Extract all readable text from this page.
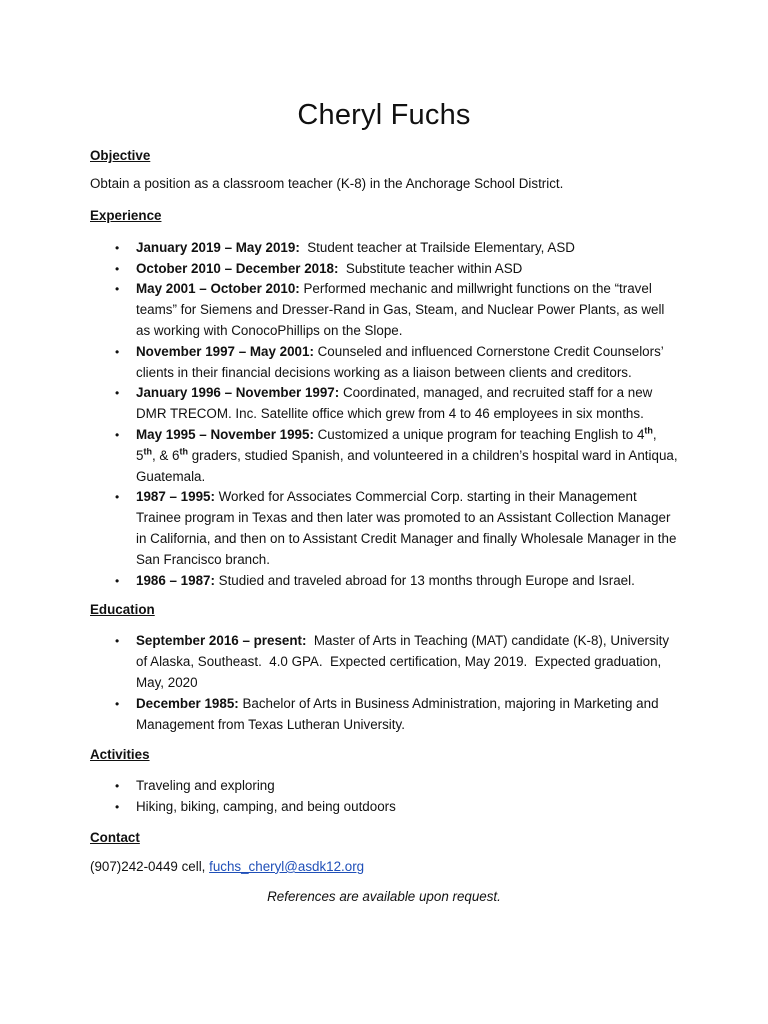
Cheryl Fuchs

Objective

Obtain a position as a classroom teacher (K-8) in the Anchorage School District.

Experience

• January 2019 – May 2019:  Student teacher at Trailside Elementary, ASD
• October 2010 – December 2018:  Substitute teacher within ASD
• May 2001 – October 2010: Performed mechanic and millwright functions on the “travel teams” for Siemens and Dresser-Rand in Gas, Steam, and Nuclear Power Plants, as well as working with ConocoPhillips on the Slope.
• November 1997 – May 2001: Counseled and influenced Cornerstone Credit Counselors’ clients in their financial decisions working as a liaison between clients and creditors.
• January 1996 – November 1997: Coordinated, managed, and recruited staff for a new DMR TRECOM. Inc. Satellite office which grew from 4 to 46 employees in six months.
• May 1995 – November 1995: Customized a unique program for teaching English to 4th, 5th, & 6th graders, studied Spanish, and volunteered in a children’s hospital ward in Antiqua, Guatemala.
• 1987 – 1995: Worked for Associates Commercial Corp. starting in their Management Trainee program in Texas and then later was promoted to an Assistant Collection Manager in California, and then on to Assistant Credit Manager and finally Wholesale Manager in the San Francisco branch.
• 1986 – 1987: Studied and traveled abroad for 13 months through Europe and Israel.

Education

• September 2016 – present:  Master of Arts in Teaching (MAT) candidate (K-8), University of Alaska, Southeast.  4.0 GPA.  Expected certification, May 2019.  Expected graduation, May, 2020
• December 1985: Bachelor of Arts in Business Administration, majoring in Marketing and Management from Texas Lutheran University.

Activities

• Traveling and exploring
• Hiking, biking, camping, and being outdoors

Contact

(907)242-0449 cell, fuchs_cheryl@asdk12.org

References are available upon request.
